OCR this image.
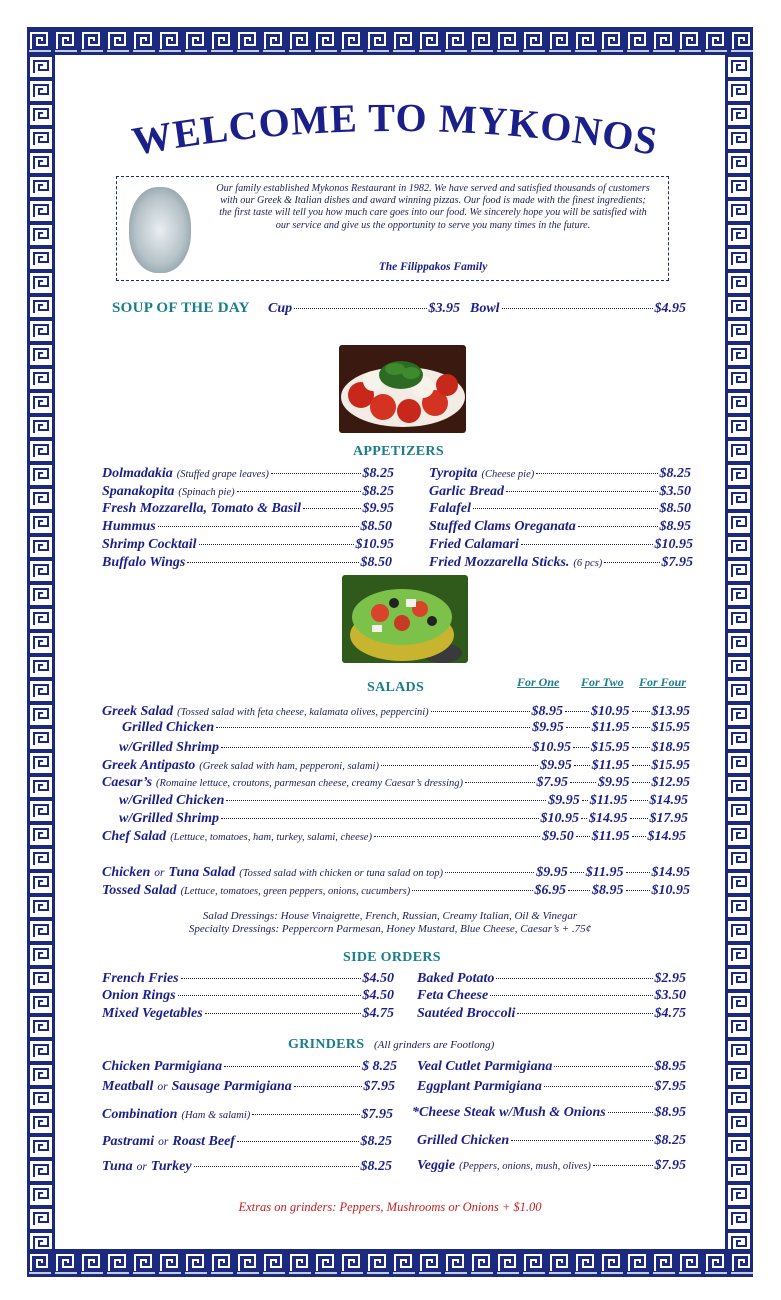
WELCOME TO MYKONOS
Our family established Mykonos Restaurant in 1982. We have served and satisfied thousands of customers with our Greek & Italian dishes and award winning pizzas. Our food is made with the finest ingredients; the first taste will tell you how much care goes into our food. We sincerely hope you will be satisfied with our service and give us the opportunity to serve you many times in the future.
The Filippakos Family
SOUP OF THE DAY Cup	$3.95 Bowl	$4.95
APPETIZERS
Dolmadakia (Stuffed grape leaves)	$8.25
Spanakopita (Spinach pie)	$8.25
Fresh Mozzarella, Tomato & Basil	$9.95
Hummus	$8.50
Shrimp Cocktail	$10.95
Buffalo Wings	$8.50
Tyropita (Cheese pie)	$8.25
Garlic Bread	$3.50
Falafel	$8.50
Stuffed Clams Oreganata	$8.95
Fried Calamari	$10.95
Fried Mozzarella Sticks. (6 pcs)	$7.95
SALADS	For One For Two For Four
Greek Salad (Tossed salad with feta cheese, kalamata olives, peppercini)	$8.95 $10.95 $13.95
Grilled Chicken	$9.95 $11.95 $15.95
w/Grilled Shrimp	$10.95 $15.95 $18.95
Greek Antipasto (Greek salad with ham, pepperoni, salami)	$9.95 $11.95 $15.95
Caesar’s (Romaine lettuce, croutons, parmesan cheese, creamy Caesar’s dressing)	$7.95 $9.95 $12.95
w/Grilled Chicken	$9.95 $11.95 $14.95
w/Grilled Shrimp	$10.95 $14.95 $17.95
Chef Salad (Lettuce, tomatoes, ham, turkey, salami, cheese)	$9.50 $11.95 $14.95
Chicken or Tuna Salad (Tossed salad with chicken or tuna salad on top)	$9.95 $11.95 $14.95
Tossed Salad (Lettuce, tomatoes, green peppers, onions, cucumbers)	$6.95 $8.95 $10.95
Salad Dressings: House Vinaigrette, French, Russian, Creamy Italian, Oil & Vinegar
Specialty Dressings: Peppercorn Parmesan, Honey Mustard, Blue Cheese, Caesar’s + .75¢
SIDE ORDERS
French Fries	$4.50
Onion Rings	$4.50
Mixed Vegetables	$4.75
Baked Potato	$2.95
Feta Cheese	$3.50
Sautéed Broccoli	$4.75
GRINDERS (All grinders are Footlong)
Chicken Parmigiana	$ 8.25
Meatball or Sausage Parmigiana	$7.95
Combination (Ham & salami)	$7.95
Pastrami or Roast Beef	$8.25
Tuna or Turkey	$8.25
Veal Cutlet Parmigiana	$8.95
Eggplant Parmigiana	$7.95
*Cheese Steak w/Mush & Onions	$8.95
Grilled Chicken	$8.25
Veggie (Peppers, onions, mush, olives)	$7.95
Extras on grinders: Peppers, Mushrooms or Onions + $1.00
